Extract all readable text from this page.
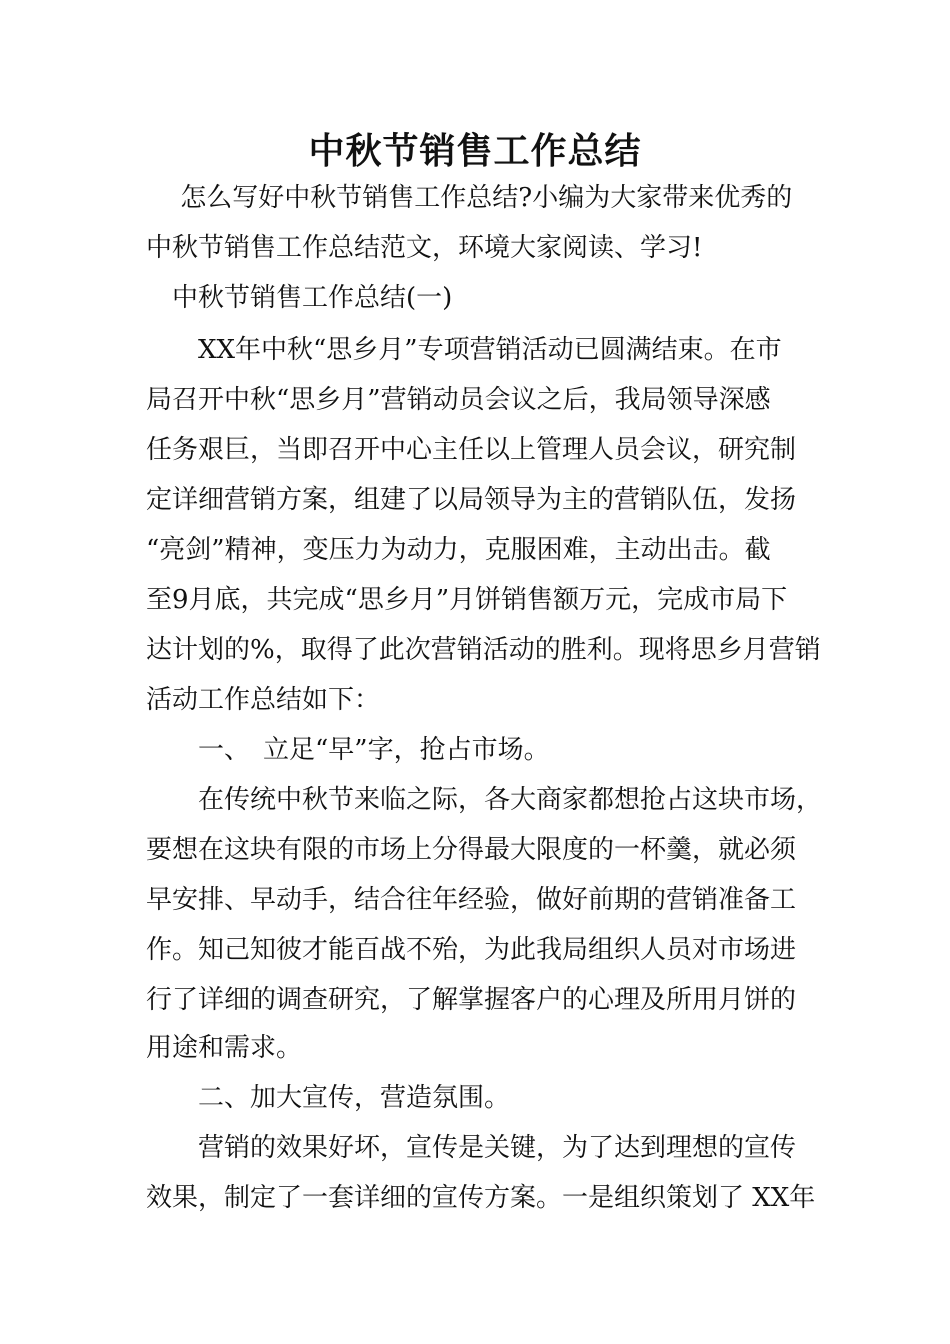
中秋节销售工作总结
　 怎么写好中秋节销售工作总结?小编为大家带来优秀的
中秋节销售工作总结范文，环境大家阅读、学习!
　中秋节销售工作总结(一)
　　XX年中秋“思乡月”专项营销活动已圆满结束。在市
局召开中秋“思乡月”营销动员会议之后，我局领导深感
任务艰巨，当即召开中心主任以上管理人员会议，研究制
定详细营销方案，组建了以局领导为主的营销队伍，发扬
“亮剑”精神，变压力为动力，克服困难，主动出击。截
至9月底，共完成“思乡月”月饼销售额万元，完成市局下
达计划的%，取得了此次营销活动的胜利。现将思乡月营销
活动工作总结如下：
　　一、　立足“早”字，抢占市场。
　　在传统中秋节来临之际，各大商家都想抢占这块市场，
要想在这块有限的市场上分得最大限度的一杯羹，就必须
早安排、早动手，结合往年经验，做好前期的营销准备工
作。知己知彼才能百战不殆，为此我局组织人员对市场进
行了详细的调查研究，了解掌握客户的心理及所用月饼的
用途和需求。
　　二、加大宣传，营造氛围。
　　营销的效果好坏，宣传是关键，为了达到理想的宣传
效果，制定了一套详细的宣传方案。一是组织策划了 XX年
